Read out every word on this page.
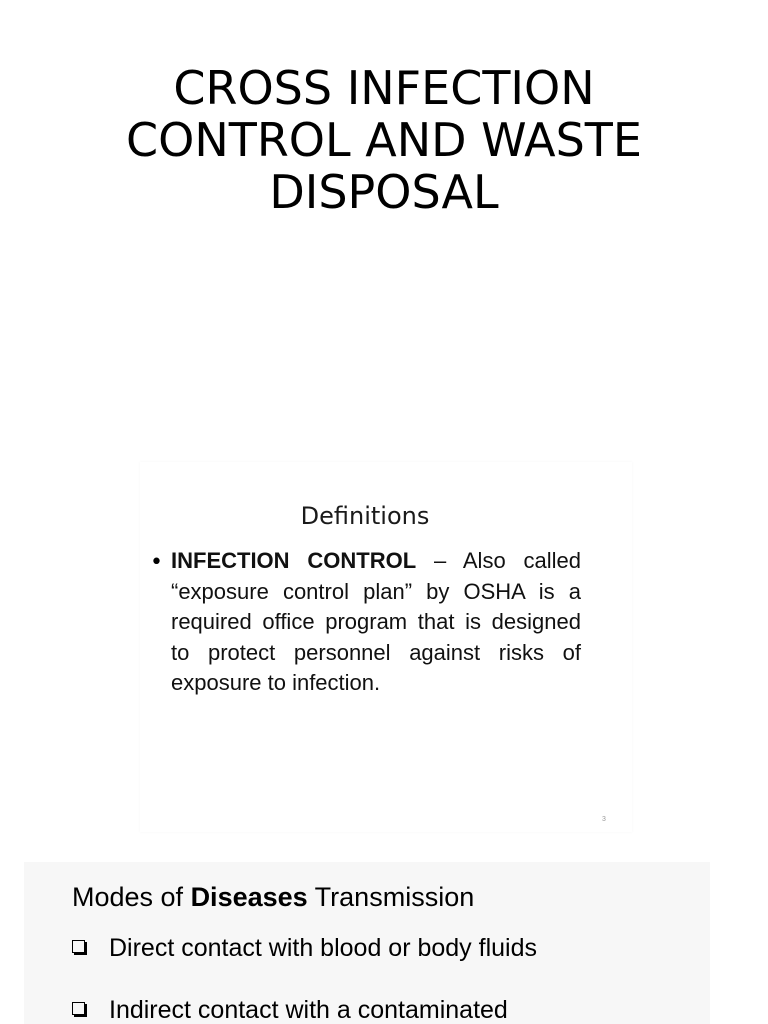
CROSS INFECTION
CONTROL AND WASTE
DISPOSAL
Definitions
• INFECTION CONTROL – Also called “exposure control plan” by OSHA is a required office program that is designed to protect personnel against risks of exposure to infection.
3
Modes of Diseases Transmission
Direct contact with blood or body fluids
Indirect contact with a contaminated
